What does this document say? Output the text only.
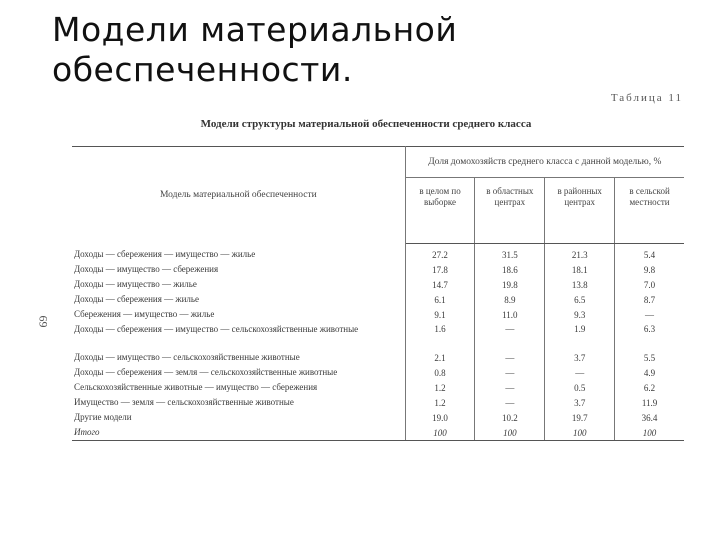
Модели материальной
обеспеченности.
69
Таблица 11
Модели структуры материальной обеспеченности среднего класса
Модель материальной обеспеченности	Доля домохозяйств среднего класса с данной моделью, %			
	в целом по выборке	в областных центрах	в районных центрах	в сельской местности
Доходы — сбережения — имущество — жилье	27.2	31.5	21.3	5.4
Доходы — имущество — сбережения	17.8	18.6	18.1	9.8
Доходы — имущество — жилье	14.7	19.8	13.8	7.0
Доходы — сбережения — жилье	6.1	8.9	6.5	8.7
Сбережения — имущество — жилье	9.1	11.0	9.3	—
Доходы — сбережения — имущество — сельскохозяйственные животные	1.6	—	1.9	6.3
Доходы — имущество — сельскохозяйственные животные	2.1	—	3.7	5.5
Доходы — сбережения — земля — сельскохозяйственные животные	0.8	—	—	4.9
Сельскохозяйственные животные — имущество — сбережения	1.2	—	0.5	6.2
Имущество — земля — сельскохозяйственные животные	1.2	—	3.7	11.9
Другие модели	19.0	10.2	19.7	36.4
Итого	100	100	100	100
